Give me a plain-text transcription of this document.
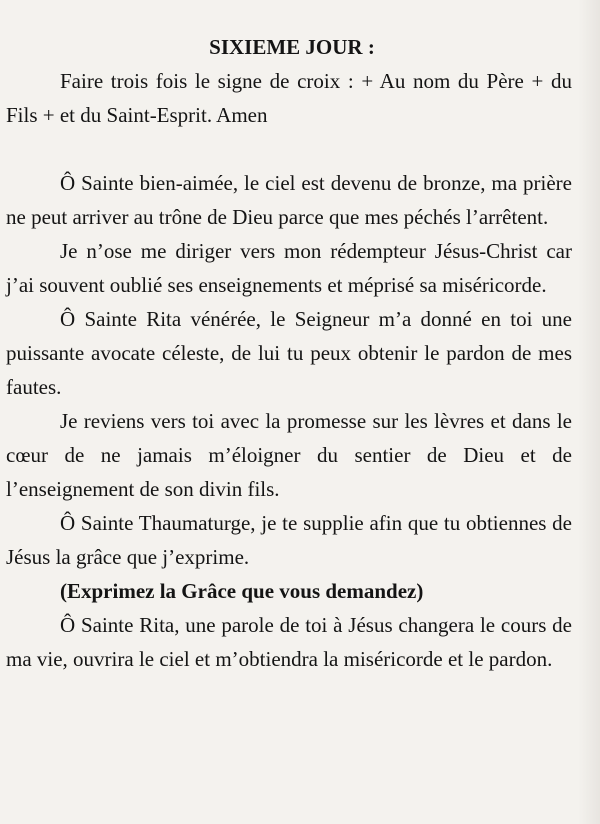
SIXIEME JOUR :

Faire trois fois le signe de croix : + Au nom du Père + du Fils + et du Saint-Esprit. Amen

Ô Sainte bien-aimée, le ciel est devenu de bronze, ma prière ne peut arriver au trône de Dieu parce que mes péchés l’arrêtent.

Je n’ose me diriger vers mon rédempteur Jésus-Christ car j’ai souvent oublié ses enseignements et méprisé sa miséricorde.

Ô Sainte Rita vénérée, le Seigneur m’a donné en toi une puissante avocate céleste, de lui tu peux obtenir le pardon de mes fautes.

Je reviens vers toi avec la promesse sur les lèvres et dans le cœur de ne jamais m’éloigner du sentier de Dieu et de l’enseignement de son divin fils.

Ô Sainte Thaumaturge, je te supplie afin que tu obtiennes de Jésus la grâce que j’exprime.

(Exprimez la Grâce que vous demandez)

Ô Sainte Rita, une parole de toi à Jésus changera le cours de ma vie, ouvrira le ciel et m’obtiendra la miséricorde et le pardon.
